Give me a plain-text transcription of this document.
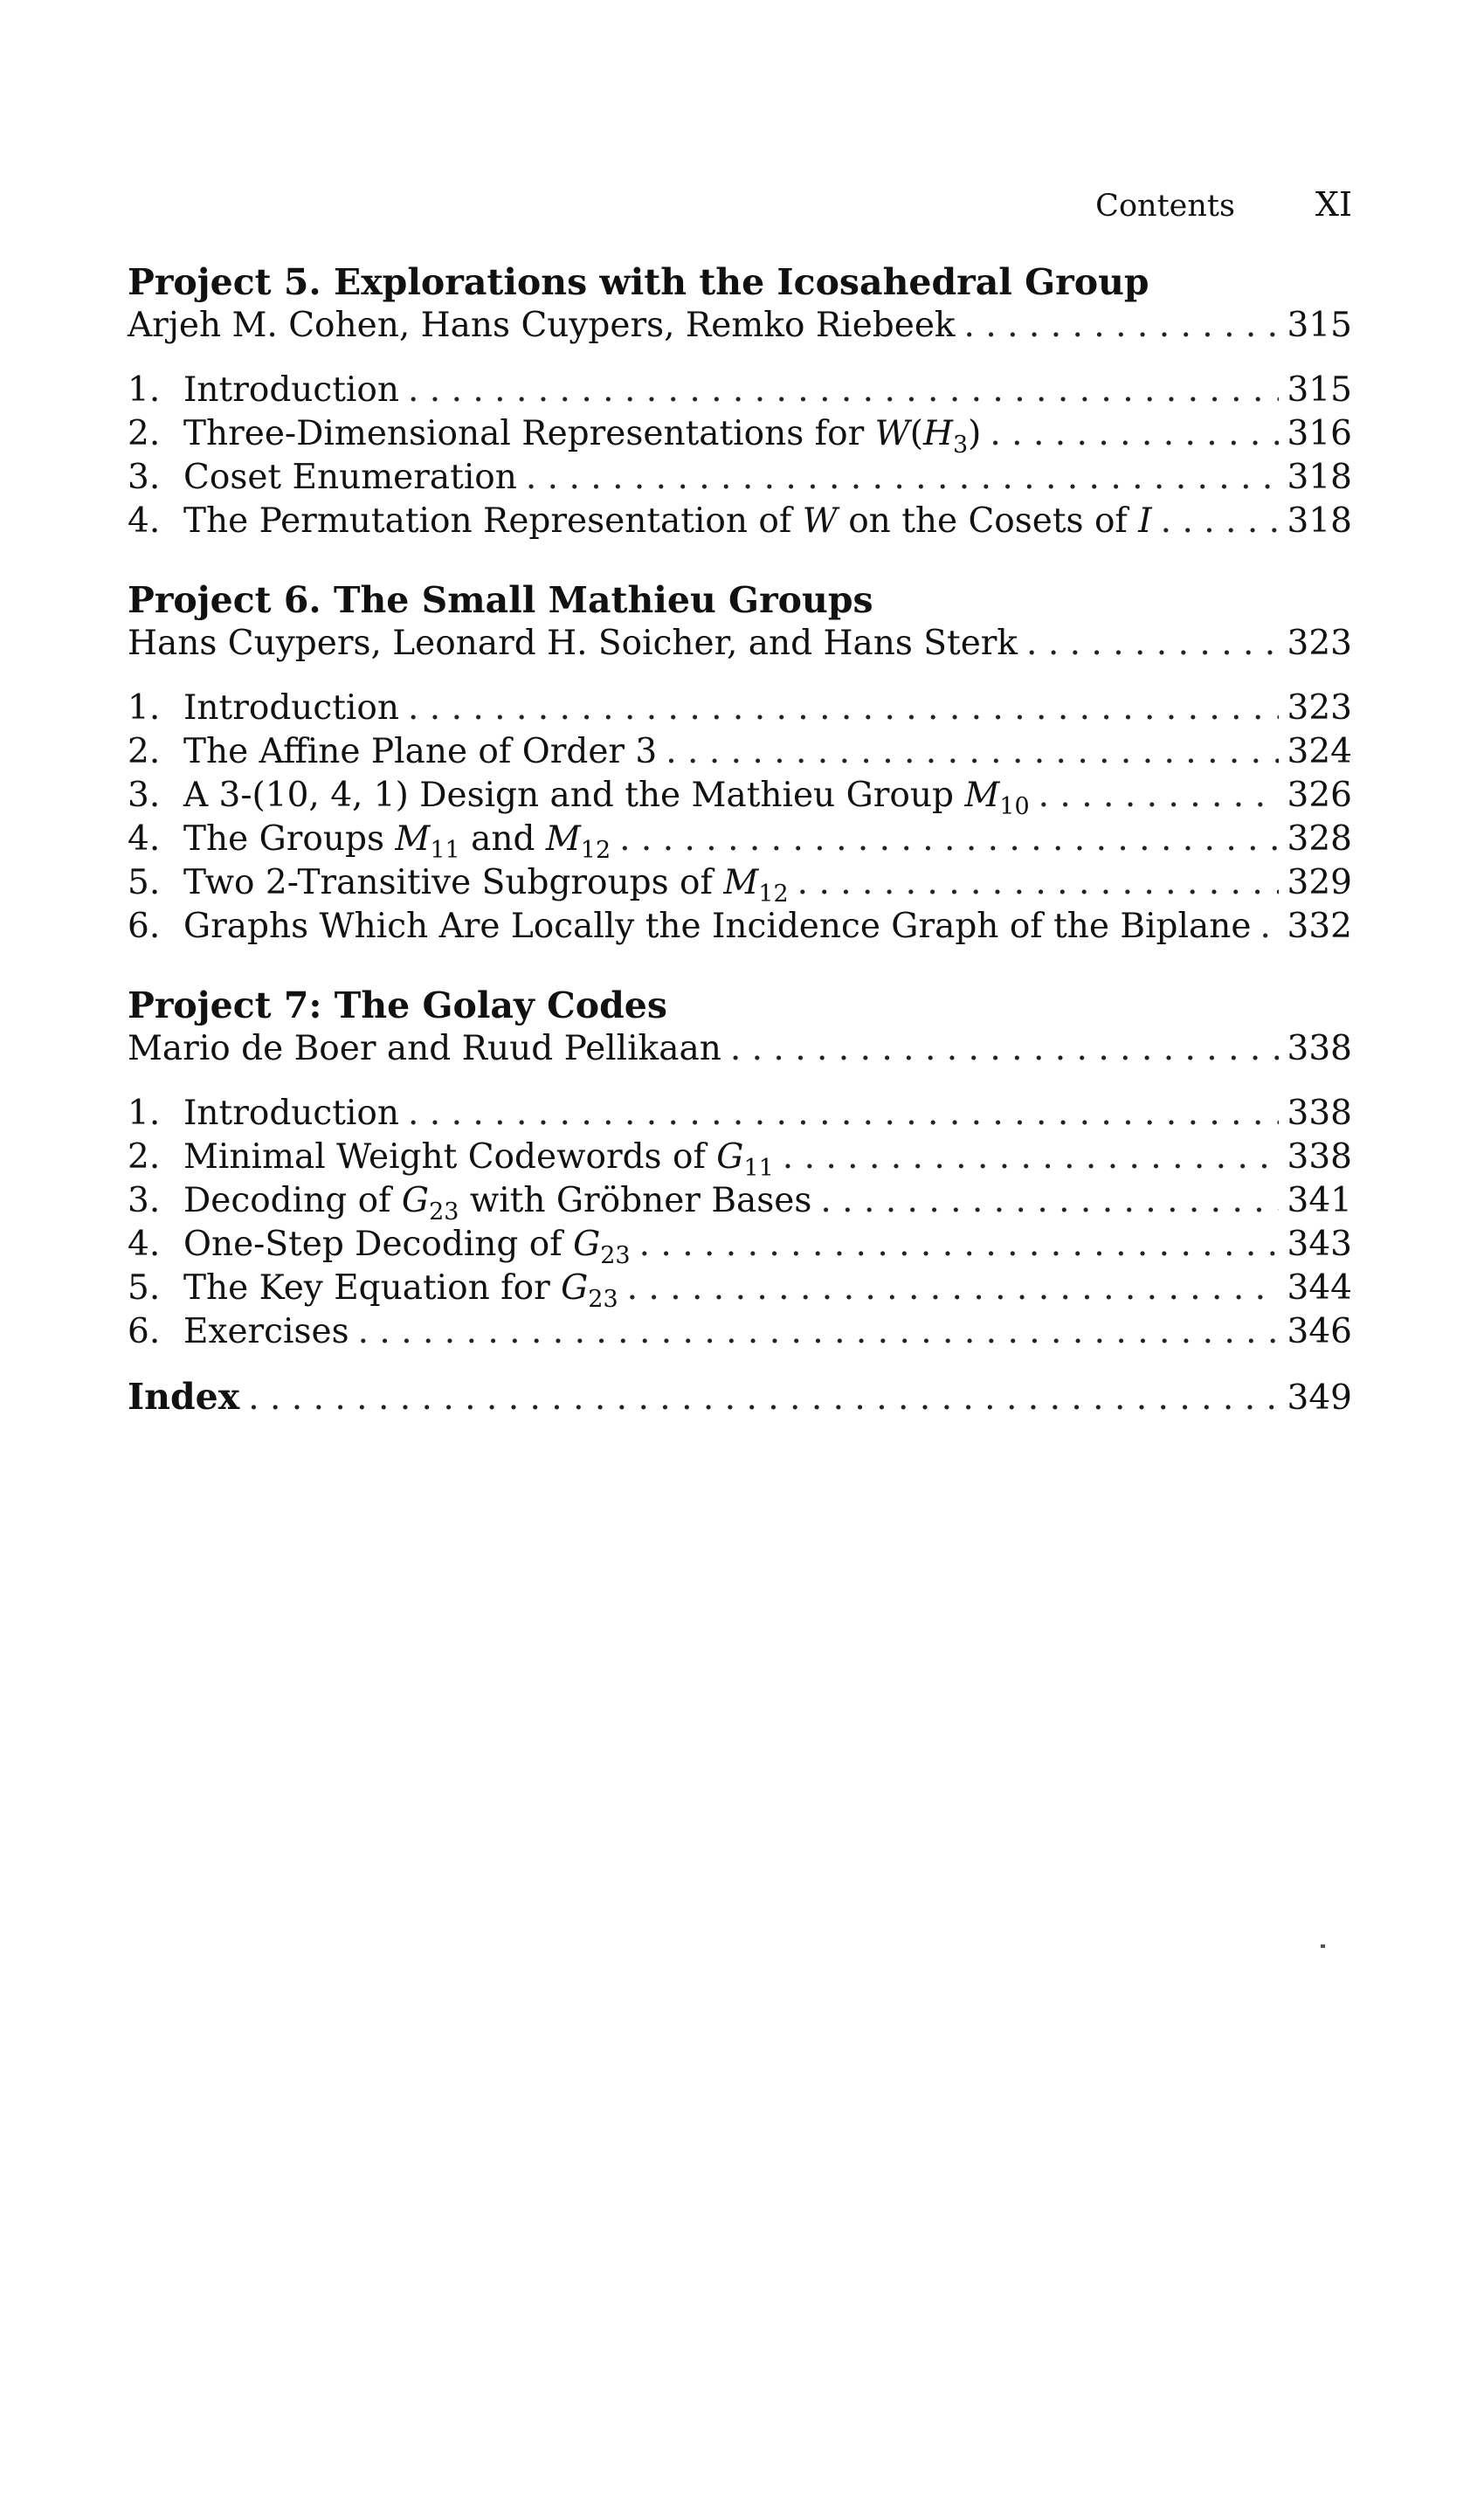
Contents XI
Project 5. Explorations with the Icosahedral Group
Arjeh M. Cohen, Hans Cuypers, Remko Riebeek . . .	315
1. Introduction . . .	315
2. Three-Dimensional Representations for $W(H_3)$ . . .	316
3. Coset Enumeration . . .	318
4. The Permutation Representation of W on the Cosets of I . . .	318
Project 6. The Small Mathieu Groups
Hans Cuypers, Leonard H. Soicher, and Hans Sterk . . .	323
1. Introduction . . .	323
2. The Affine Plane of Order 3 . . .	324
3. A 3-(10, 4, 1) Design and the Mathieu Group $M_{10}$ . . .	326
4. The Groups $M_{11}$ and $M_{12}$ . . .	328
5. Two 2-Transitive Subgroups of $M_{12}$ . . .	329
6. Graphs Which Are Locally the Incidence Graph of the Biplane . . . 332
Project 7: The Golay Codes
Mario de Boer and Ruud Pellikaan . . .	338
1. Introduction . . .	338
2. Minimal Weight Codewords of $G_{11}$ . . .	338
3. Decoding of $G_{23}$ with Gröbner Bases . . .	341
4. One-Step Decoding of $G_{23}$ . . .	343
5. The Key Equation for $G_{23}$ . . .	344
6. Exercises . . .	346
Index . . .	349
